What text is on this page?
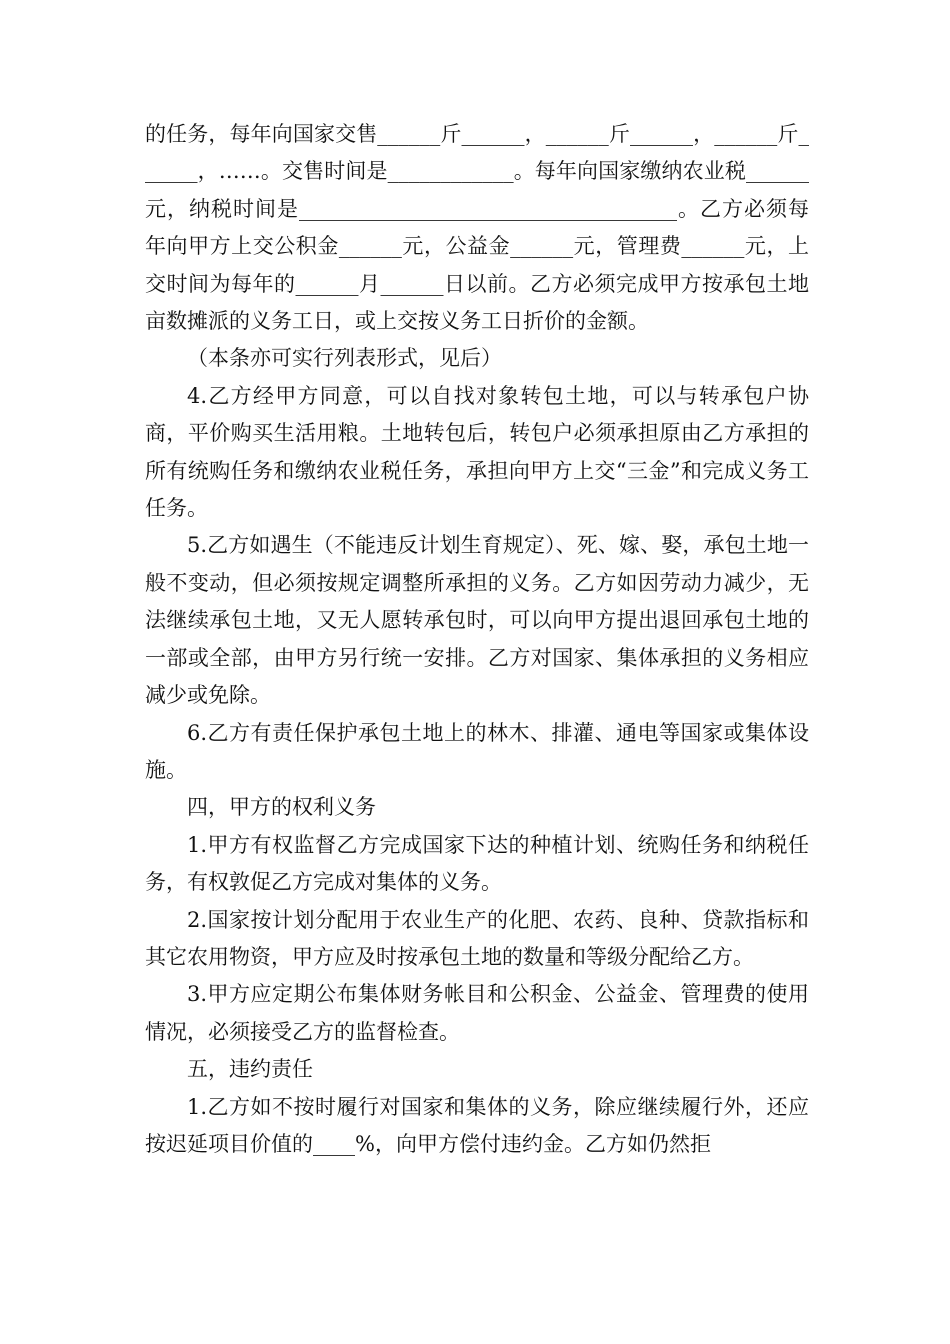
的任务，每年向国家交售______斤______，______斤______，______斤______，……。交售时间是____________。每年向国家缴纳农业税______元，纳税时间是____________________________________。乙方必须每年向甲方上交公积金______元，公益金______元，管理费______元，上交时间为每年的______月______日以前。乙方必须完成甲方按承包土地亩数摊派的义务工日，或上交按义务工日折价的金额。

（本条亦可实行列表形式，见后）

4.乙方经甲方同意，可以自找对象转包土地，可以与转承包户协商，平价购买生活用粮。土地转包后，转包户必须承担原由乙方承担的所有统购任务和缴纳农业税任务，承担向甲方上交“三金”和完成义务工任务。

5.乙方如遇生（不能违反计划生育规定）、死、嫁、娶，承包土地一般不变动，但必须按规定调整所承担的义务。乙方如因劳动力减少，无法继续承包土地，又无人愿转承包时，可以向甲方提出退回承包土地的一部或全部，由甲方另行统一安排。乙方对国家、集体承担的义务相应减少或免除。

6.乙方有责任保护承包土地上的林木、排灌、通电等国家或集体设施。

四，甲方的权利义务

1.甲方有权监督乙方完成国家下达的种植计划、统购任务和纳税任务，有权敦促乙方完成对集体的义务。

2.国家按计划分配用于农业生产的化肥、农药、良种、贷款指标和其它农用物资，甲方应及时按承包土地的数量和等级分配给乙方。

3.甲方应定期公布集体财务帐目和公积金、公益金、管理费的使用情况，必须接受乙方的监督检查。

五，违约责任

1.乙方如不按时履行对国家和集体的义务，除应继续履行外，还应按迟延项目价值的____%，向甲方偿付违约金。乙方如仍然拒
